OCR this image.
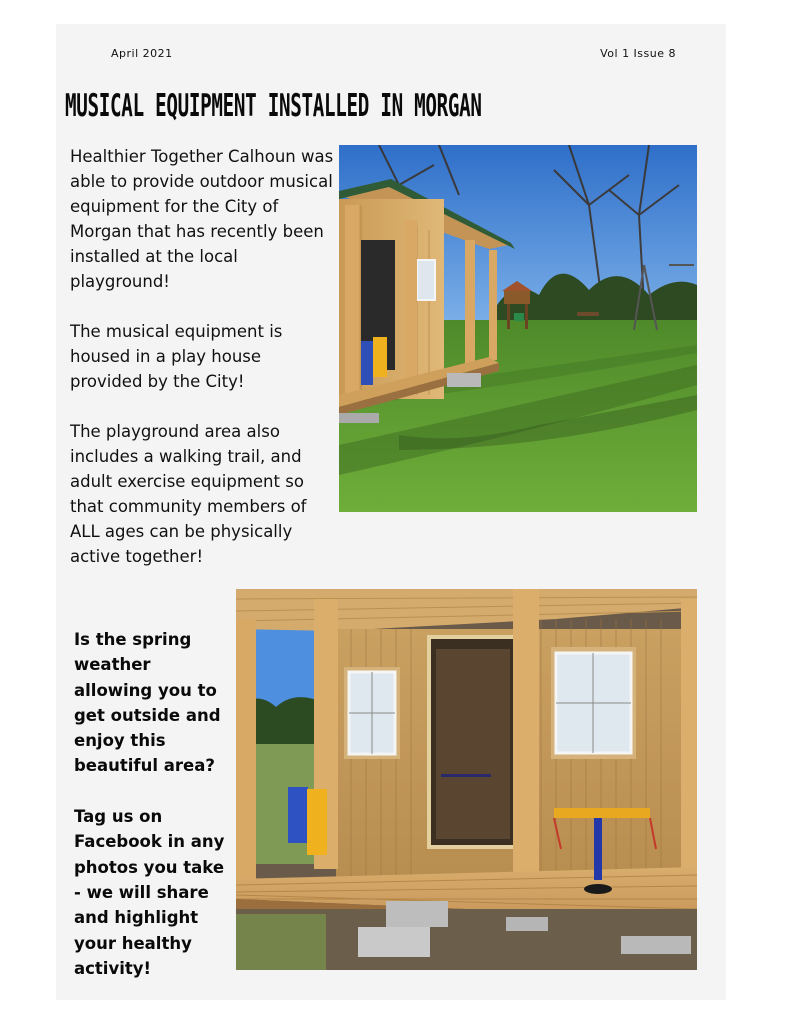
April 2021	Vol 1 Issue 8
MUSICAL EQUIPMENT INSTALLED IN MORGAN

Healthier Together Calhoun was able to provide outdoor musical equipment for the City of Morgan that has recently been installed at the local playground!

The musical equipment is housed in a play house provided by the City!

The playground area also includes a walking trail, and adult exercise equipment so that community members of ALL ages can be physically active together!

Is the spring weather allowing you to get outside and enjoy this beautiful area?

Tag us on Facebook in any photos you take - we will share and highlight your healthy activity!
